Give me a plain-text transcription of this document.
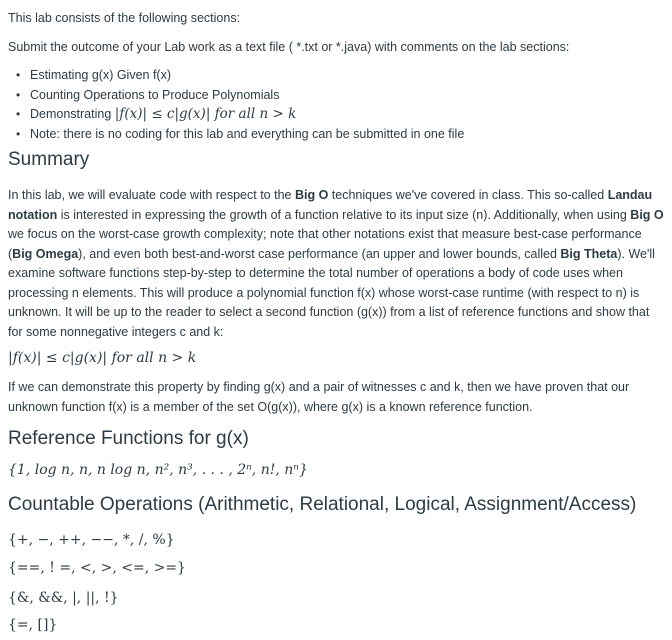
This lab consists of the following sections:

Submit the outcome of your Lab work as a text file ( *.txt or *.java) with comments on the lab sections:

• Estimating g(x) Given f(x)
• Counting Operations to Produce Polynomials
• Demonstrating |f(x)| ≤ c|g(x)| for all n > k
• Note: there is no coding for this lab and everything can be submitted in one file
Summary

In this lab, we will evaluate code with respect to the Big O techniques we've covered in class. This so-called Landau notation is interested in expressing the growth of a function relative to its input size (n). Additionally, when using Big O we focus on the worst-case growth complexity; note that other notations exist that measure best-case performance (Big Omega), and even both best-and-worst case performance (an upper and lower bounds, called Big Theta). We'll examine software functions step-by-step to determine the total number of operations a body of code uses when processing n elements. This will produce a polynomial function f(x) whose worst-case runtime (with respect to n) is unknown. It will be up to the reader to select a second function (g(x)) from a list of reference functions and show that for some nonnegative integers c and k:

|f(x)| ≤ c|g(x)| for all n > k

If we can demonstrate this property by finding g(x) and a pair of witnesses c and k, then we have proven that our unknown function f(x) is a member of the set O(g(x)), where g(x) is a known reference function.

Reference Functions for g(x)
{1, log n, n, n log n, n², n³, . . . , 2ⁿ, n!, nⁿ}
Countable Operations (Arithmetic, Relational, Logical, Assignment/Access)
{+, −, ++, −−, *, /, %}
{==, ! =, <, >, <=, >=}
{&, &&, |, ||, !}
{=, []}
